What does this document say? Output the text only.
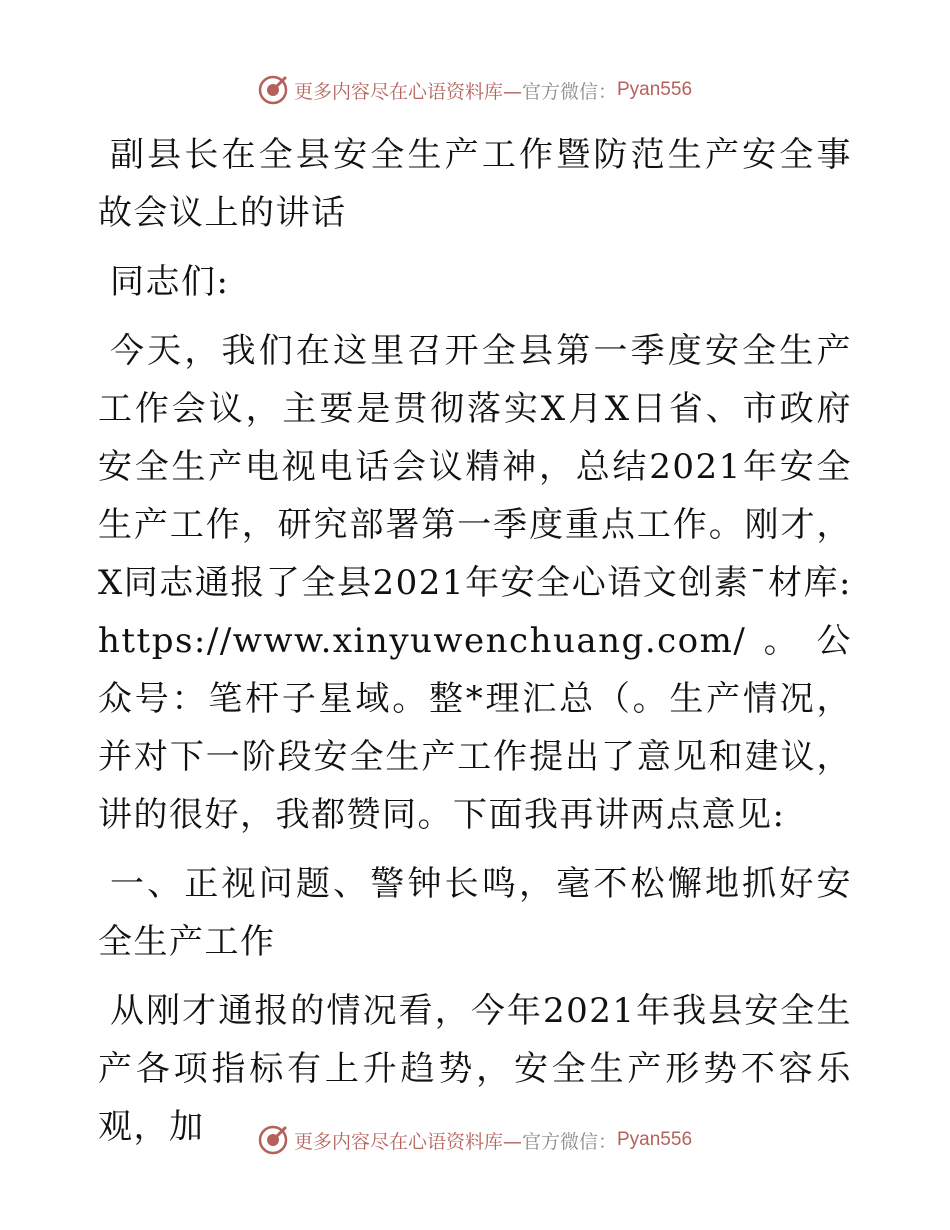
更多内容尽在心语资料库— 官方微信： Pyan556

副县长在全县安全生产工作暨防范生产安全事故会议上的讲话

同志们:

今天，我们在这里召开全县第一季度安全生产工作会议，主要是贯彻落实X月X日省、市政府安全生产电视电话会议精神，总结2021年安全生产工作，研究部署第一季度重点工作。刚才，X同志通报了全县2021年安全心语文创素¯材库:https://www.xinyuwenchuang.com/。公众号：笔杆子星域。整*理汇总（。生产情况，并对下一阶段安全生产工作提出了意见和建议，讲的很好，我都赞同。下面我再讲两点意见:

一、正视问题、警钟长鸣，毫不松懈地抓好安全生产工作

从刚才通报的情况看，今年2021年我县安全生产各项指标有上升趋势，安全生产形势不容乐观，加	更多内容尽在心语资料库— 官方微信： Pyan556
